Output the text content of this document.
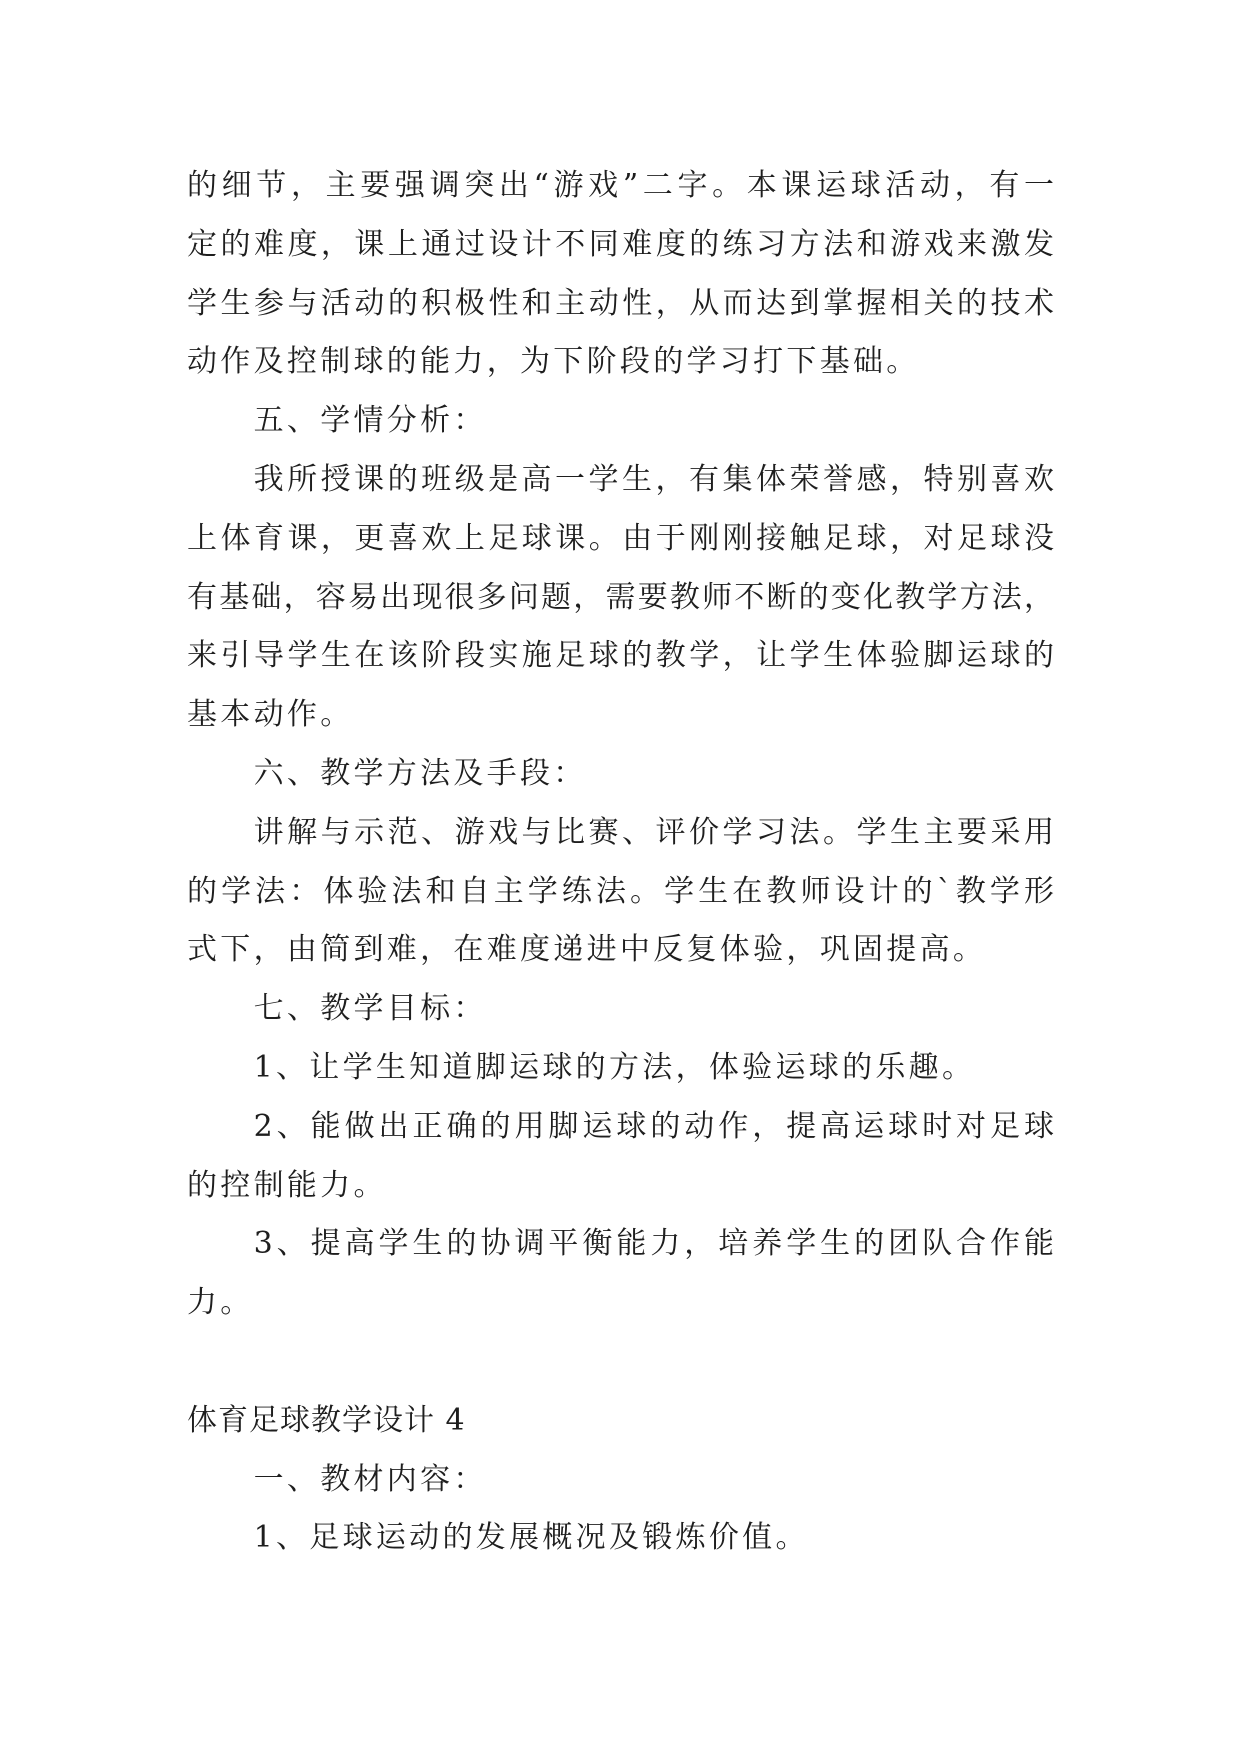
的细节，主要强调突出“游戏”二字。本课运球活动，有一
定的难度，课上通过设计不同难度的练习方法和游戏来激发
学生参与活动的积极性和主动性，从而达到掌握相关的技术
动作及控制球的能力，为下阶段的学习打下基础。
五、学情分析：
我所授课的班级是高一学生，有集体荣誉感，特别喜欢
上体育课，更喜欢上足球课。由于刚刚接触足球，对足球没
有基础，容易出现很多问题，需要教师不断的变化教学方法，
来引导学生在该阶段实施足球的教学，让学生体验脚运球的
基本动作。
六、教学方法及手段：
讲解与示范、游戏与比赛、评价学习法。学生主要采用
的学法：体验法和自主学练法。学生在教师设计的`教学形
式下，由简到难，在难度递进中反复体验，巩固提高。
七、教学目标：
1、让学生知道脚运球的方法，体验运球的乐趣。
2、能做出正确的用脚运球的动作，提高运球时对足球
的控制能力。
3、提高学生的协调平衡能力，培养学生的团队合作能
力。
体育足球教学设计 4
一、教材内容：
1、足球运动的发展概况及锻炼价值。
